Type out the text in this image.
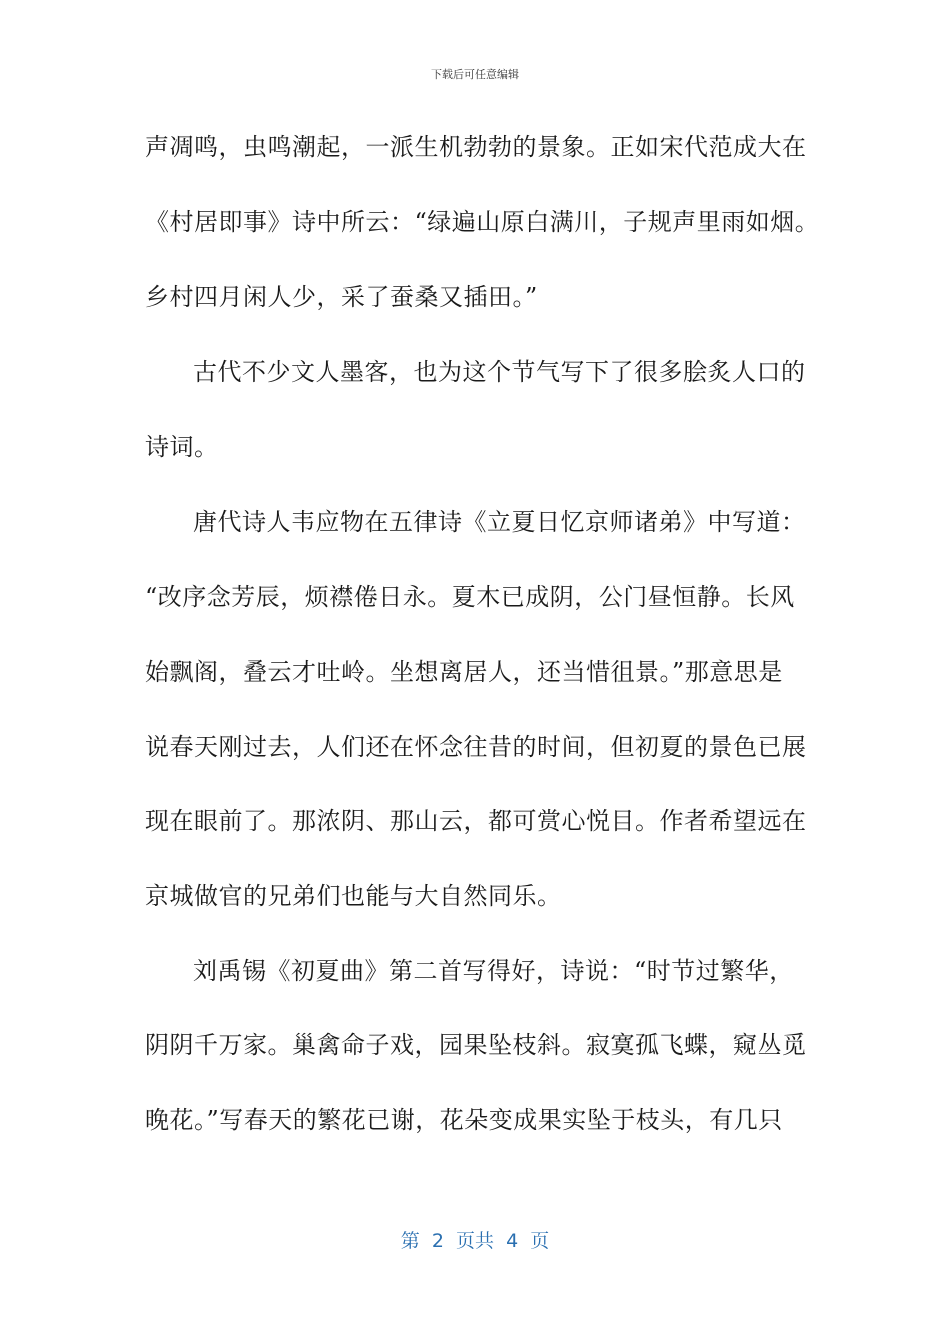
下载后可任意编辑
声凋鸣，虫鸣潮起，一派生机勃勃的景象。正如宋代范成大在
《村居即事》诗中所云：“绿遍山原白满川，子规声里雨如烟。
乡村四月闲人少，采了蚕桑又插田。”
古代不少文人墨客，也为这个节气写下了很多脍炙人口的
诗词。
唐代诗人韦应物在五律诗《立夏日忆京师诸弟》中写道：
“改序念芳辰，烦襟倦日永。夏木已成阴，公门昼恒静。长风
始飘阁，叠云才吐岭。坐想离居人，还当惜徂景。”那意思是
说春天刚过去，人们还在怀念往昔的时间，但初夏的景色已展
现在眼前了。那浓阴、那山云，都可赏心悦目。作者希望远在
京城做官的兄弟们也能与大自然同乐。
刘禹锡《初夏曲》第二首写得好，诗说：“时节过繁华，
阴阴千万家。巢禽命子戏，园果坠枝斜。寂寞孤飞蝶，窥丛觅
晚花。”写春天的繁花已谢，花朵变成果实坠于枝头，有几只
第  2  页共  4  页
